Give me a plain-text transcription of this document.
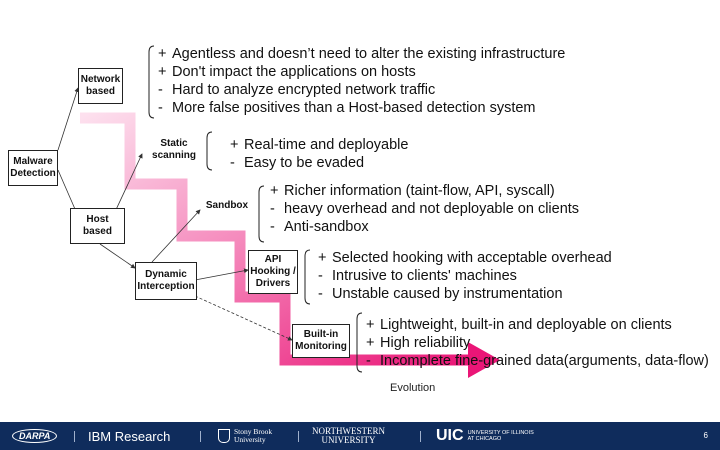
Malware
Detection
Network
based
Host
based
Static
scanning
Sandbox
Dynamic
Interception
API
Hooking /
Drivers
Built-in
Monitoring
Evolution
+ Agentless and doesn’t need to alter the existing infrastructure
+ Don't impact the applications on hosts
- Hard to analyze encrypted network traffic
- More false positives than a Host-based detection system
+ Real-time and deployable
- Easy to be evaded
+ Richer information (taint-flow, API, syscall)
- heavy overhead and not deployable on clients
- Anti-sandbox
+ Selected hooking with acceptable overhead
- Intrusive to clients' machines
- Unstable caused by instrumentation
+ Lightweight, built-in and deployable on clients
+ High reliability
- Incomplete fine-grained data(arguments, data-flow)
DARPA	IBM Research	Stony Brook
University
NORTHWESTERN
UNIVERSITY	UIC UNIVERSITY OF ILLINOIS
AT CHICAGO	6
